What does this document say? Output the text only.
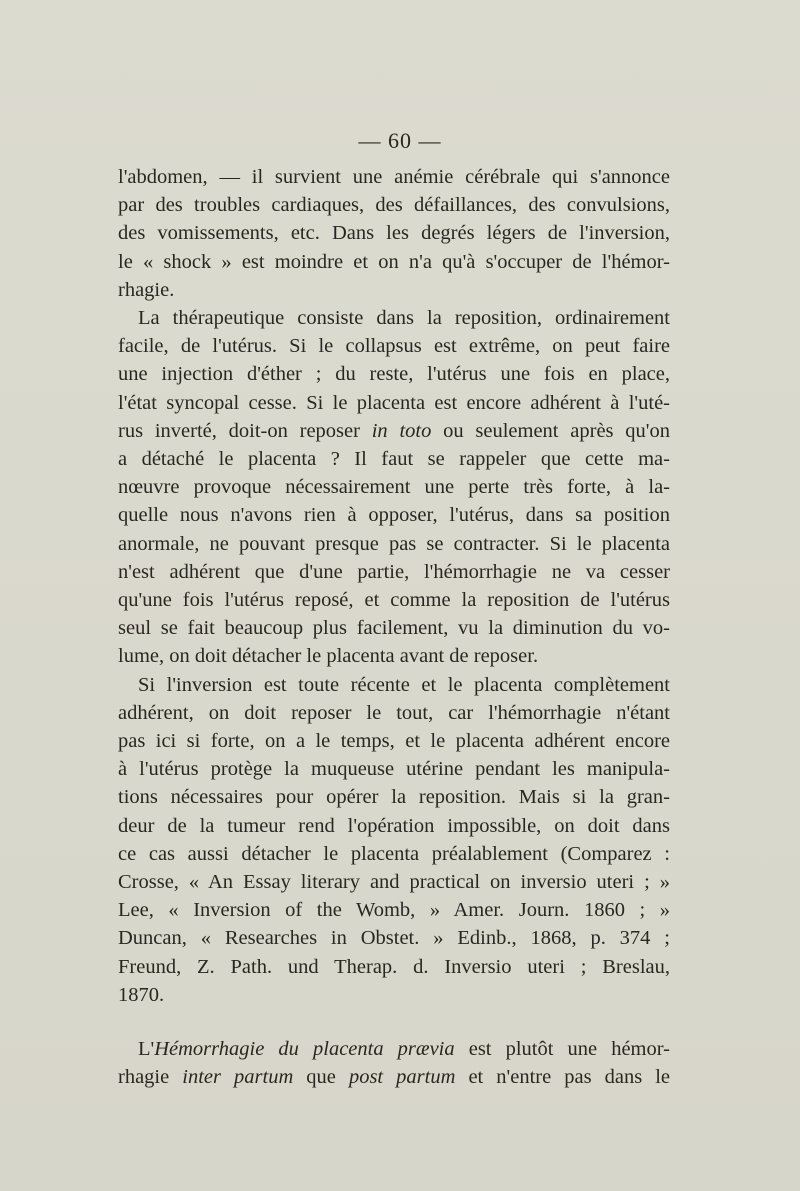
— 60 —
l'abdomen, — il survient une anémie cérébrale qui s'annonce
par des troubles cardiaques, des défaillances, des convulsions,
des vomissements, etc. Dans les degrés légers de l'inversion,
le « shock » est moindre et on n'a qu'à s'occuper de l'hémor-
rhagie.
La thérapeutique consiste dans la reposition, ordinairement
facile, de l'utérus. Si le collapsus est extrême, on peut faire
une injection d'éther ; du reste, l'utérus une fois en place,
l'état syncopal cesse. Si le placenta est encore adhérent à l'uté-
rus inverté, doit-on reposer in toto ou seulement après qu'on
a détaché le placenta ? Il faut se rappeler que cette ma-
nœuvre provoque nécessairement une perte très forte, à la-
quelle nous n'avons rien à opposer, l'utérus, dans sa position
anormale, ne pouvant presque pas se contracter. Si le placenta
n'est adhérent que d'une partie, l'hémorrhagie ne va cesser
qu'une fois l'utérus reposé, et comme la reposition de l'utérus
seul se fait beaucoup plus facilement, vu la diminution du vo-
lume, on doit détacher le placenta avant de reposer.
Si l'inversion est toute récente et le placenta complètement
adhérent, on doit reposer le tout, car l'hémorrhagie n'étant
pas ici si forte, on a le temps, et le placenta adhérent encore
à l'utérus protège la muqueuse utérine pendant les manipula-
tions nécessaires pour opérer la reposition. Mais si la gran-
deur de la tumeur rend l'opération impossible, on doit dans
ce cas aussi détacher le placenta préalablement (Comparez :
Crosse, « An Essay literary and practical on inversio uteri ; »
Lee, « Inversion of the Womb, » Amer. Journ. 1860 ; »
Duncan, « Researches in Obstet. » Edinb., 1868, p. 374 ;
Freund, Z. Path. und Therap. d. Inversio uteri ; Breslau,
1870.
L'Hémorrhagie du placenta prævia est plutôt une hémor-
rhagie inter partum que post partum et n'entre pas dans le
